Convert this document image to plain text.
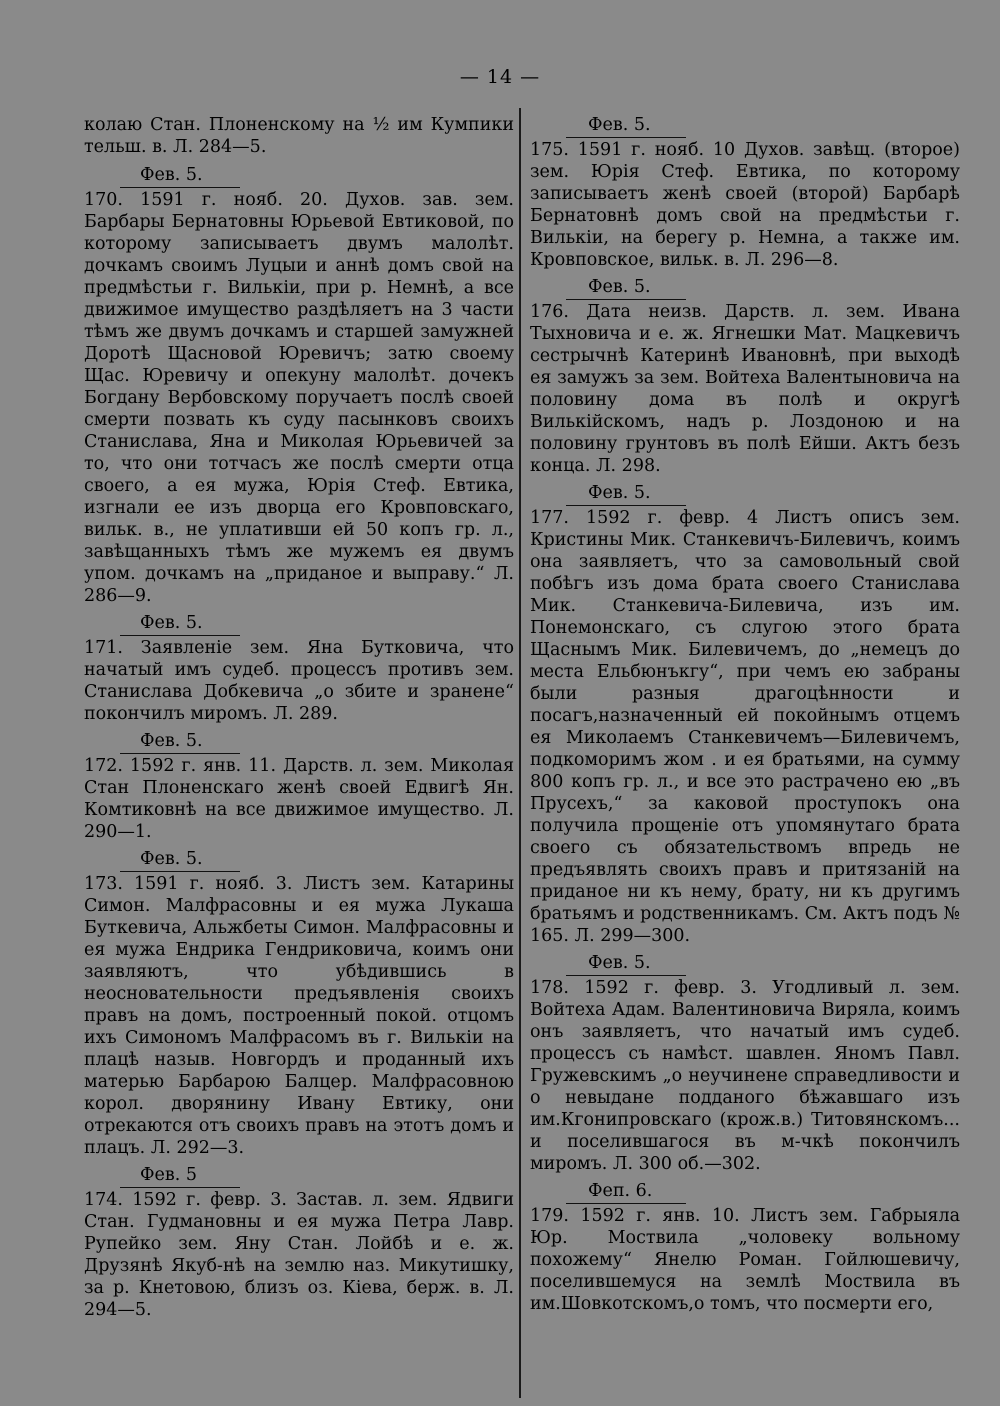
— 14 —

колаю Стан. Плоненскому на ½ им Кумпики тельш. в. Л. 284—5.

Фев. 5.

170. 1591 г. нояб. 20. Духов. зав. зем. Барбары Бернатовны Юрьевой Евтиковой, по которому записываетъ двумъ малолѣт. дочкамъ своимъ Луцыи и аннѣ домъ свой на предмѣстьи г. Вилькіи, при р. Немнѣ, а все движимое имущество раздѣляетъ на 3 части тѣмъ же двумъ дочкамъ и старшей замужней Доротѣ Щасновой Юревичъ; затю своему Щас. Юревичу и опекуну малолѣт. дочекъ Богдану Вербовскому поручаетъ послѣ своей смерти позвать къ суду пасынковъ своихъ Станислава, Яна и Миколая Юрьевичей за то, что они тотчасъ же послѣ смерти отца своего, а ея мужа, Юрія Стеф. Евтика, изгнали ее изъ дворца его Кровповскаго, вильк. в., не уплативши ей 50 копъ гр. л., завѣщанныхъ тѣмъ же мужемъ ея двумъ упом. дочкамъ на „приданое и выправу.“ Л. 286—9.

Фев. 5.

171. Заявленіе зем. Яна Бутковича, что начатый имъ судеб. процессъ противъ зем. Станислава Добкевича „о збите и зранене“ покончилъ миромъ. Л. 289.

Фев. 5.

172. 1592 г. янв. 11. Дарств. л. зем. Миколая Стан Плоненскаго женѣ своей Едвигѣ Ян. Комтиковнѣ на все движимое имущество. Л. 290—1.

Фев. 5.

173. 1591 г. нояб. 3. Листъ зем. Катарины Симон. Малфрасовны и ея мужа Лукаша Буткевича, Альжбеты Симон. Малфрасовны и ея мужа Ендрика Гендриковича, коимъ они заявляютъ, что убѣдившись в неосновательности предъявленія своихъ правъ на домъ, построенный покой. отцомъ ихъ Симономъ Малфрасомъ въ г. Вилькіи на плацѣ назыв. Новгордъ и проданный ихъ матерью Барбарою Балцер. Малфрасовною корол. дворянину Ивану Евтику, они отрекаются отъ своихъ правъ на этотъ домъ и плацъ. Л. 292—3.

Фев. 5

174. 1592 г. февр. 3. Застав. л. зем. Ядвиги Стан. Гудмановны и ея мужа Петра Лавр. Рупейко зем. Яну Стан. Лойбѣ и е. ж. Друзянѣ Якуб-нѣ на землю наз. Микутишку, за р. Кнетовою, близъ оз. Кіева, берж. в. Л. 294—5.

Фев. 5.

175. 1591 г. нояб. 10 Духов. завѣщ. (второе) зем. Юрія Стеф. Евтика, по которому записываетъ женѣ своей (второй) Барбарѣ Бернатовнѣ домъ свой на предмѣстьи г. Вилькіи, на берегу р. Немна, а также им. Кровповское, вильк. в. Л. 296—8.

Фев. 5.

176. Дата неизв. Дарств. л. зем. Ивана Тыхновича и е. ж. Ягнешки Мат. Мацкевичъ сестрычнѣ Катеринѣ Ивановнѣ, при выходѣ ея замужъ за зем. Войтеха Валентыновича на половину дома въ полѣ и округѣ Вилькійскомъ, надъ р. Лоздоною и на половину грунтовъ въ полѣ Ейши. Актъ безъ конца. Л. 298.

Фев. 5.

177. 1592 г. февр. 4 Листъ описъ зем. Кристины Мик. Станкевичъ-Билевичъ, коимъ она заявляетъ, что за самовольный свой побѣгъ изъ дома брата своего Станислава Мик. Станкевича-Билевича, изъ им. Понемонскаго, съ слугою этого брата Щаснымъ Мик. Билевичемъ, до „немецъ до места Ельбюнъкгу“, при чемъ ею забраны были разныя драгоцѣнности и посагъ,назначенный ей покойнымъ отцемъ ея Миколаемъ Станкевичемъ—Билевичемъ, подкоморимъ жом . и ея братьями, на сумму 800 копъ гр. л., и все это растрачено ею „въ Прусехъ,“ за каковой проступокъ она получила прощеніе отъ упомянутаго брата своего съ обязательствомъ впредь не предъявлять своихъ правъ и притязаній на приданое ни къ нему, брату, ни къ другимъ братьямъ и родственникамъ. См. Актъ подъ № 165. Л. 299—300.

Фев. 5.

178. 1592 г. февр. 3. Угодливый л. зем. Войтеха Адам. Валентиновича Вирялa, коимъ онъ заявляетъ, что начатый имъ судеб. процессъ съ намѣст. шавлен. Яномъ Павл. Гружевскимъ „о неучинене справедливости и о невыдане подданого бѣжавшаго изъ им.Кгонипровскаго (крож.в.) Титовянскомъ... и поселившагося въ м-чкѣ покончилъ миромъ. Л. 300 об.—302.

Феп. 6.

179. 1592 г. янв. 10. Листъ зем. Габрыяла Юр. Моствила „чоловеку вольному похожему“ Янелю Роман. Гойлюшевичу, поселившемуся на землѣ Моствила въ им.Шовкотскомъ,о томъ, что посмерти его,
